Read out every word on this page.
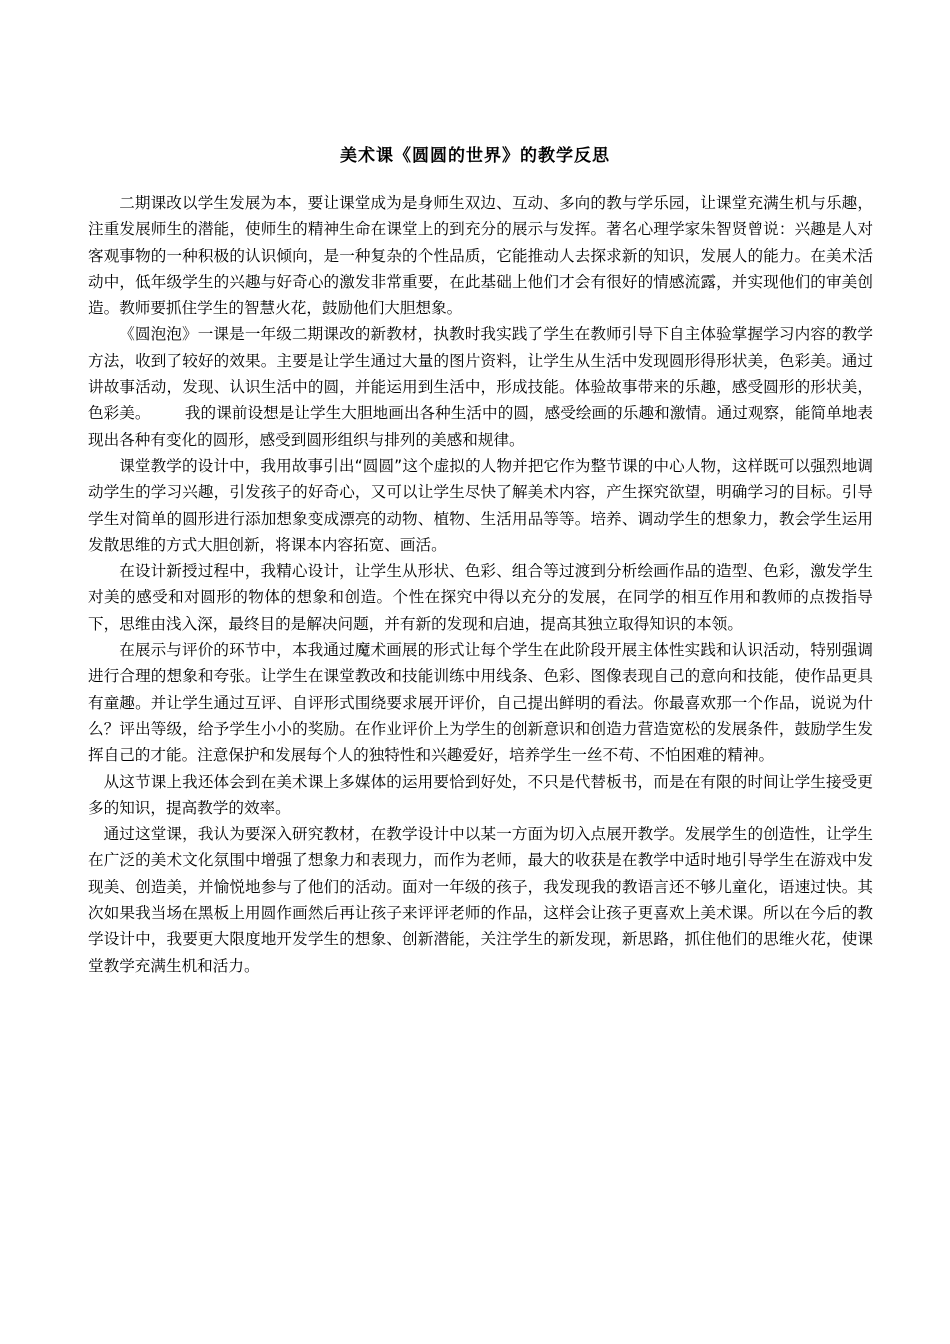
美术课《圆圆的世界》的教学反思

二期课改以学生发展为本，要让课堂成为是身师生双边、互动、多向的教与学乐园，让课堂充满生机与乐趣，注重发展师生的潜能，使师生的精神生命在课堂上的到充分的展示与发挥。著名心理学家朱智贤曾说：兴趣是人对客观事物的一种积极的认识倾向，是一种复杂的个性品质，它能推动人去探求新的知识，发展人的能力。在美术活动中，低年级学生的兴趣与好奇心的激发非常重要，在此基础上他们才会有很好的情感流露，并实现他们的审美创造。教师要抓住学生的智慧火花，鼓励他们大胆想象。

《圆泡泡》一课是一年级二期课改的新教材，执教时我实践了学生在教师引导下自主体验掌握学习内容的教学方法，收到了较好的效果。主要是让学生通过大量的图片资料，让学生从生活中发现圆形得形状美，色彩美。通过讲故事活动，发现、认识生活中的圆，并能运用到生活中，形成技能。体验故事带来的乐趣，感受圆形的形状美，色彩美。 我的课前设想是让学生大胆地画出各种生活中的圆，感受绘画的乐趣和激情。通过观察，能简单地表现出各种有变化的圆形，感受到圆形组织与排列的美感和规律。

课堂教学的设计中，我用故事引出“圆圆”这个虚拟的人物并把它作为整节课的中心人物，这样既可以强烈地调动学生的学习兴趣，引发孩子的好奇心，又可以让学生尽快了解美术内容，产生探究欲望，明确学习的目标。引导学生对简单的圆形进行添加想象变成漂亮的动物、植物、生活用品等等。培养、调动学生的想象力，教会学生运用发散思维的方式大胆创新，将课本内容拓宽、画活。

在设计新授过程中，我精心设计，让学生从形状、色彩、组合等过渡到分析绘画作品的造型、色彩，激发学生对美的感受和对圆形的物体的想象和创造。个性在探究中得以充分的发展，在同学的相互作用和教师的点拨指导下，思维由浅入深，最终目的是解决问题，并有新的发现和启迪，提高其独立取得知识的本领。

在展示与评价的环节中，本我通过魔术画展的形式让每个学生在此阶段开展主体性实践和认识活动，特别强调进行合理的想象和夸张。让学生在课堂教改和技能训练中用线条、色彩、图像表现自己的意向和技能，使作品更具有童趣。并让学生通过互评、自评形式围绕要求展开评价，自己提出鲜明的看法。你最喜欢那一个作品，说说为什么？评出等级，给予学生小小的奖励。在作业评价上为学生的创新意识和创造力营造宽松的发展条件，鼓励学生发挥自己的才能。注意保护和发展每个人的独特性和兴趣爱好，培养学生一丝不苟、不怕困难的精神。

从这节课上我还体会到在美术课上多媒体的运用要恰到好处，不只是代替板书，而是在有限的时间让学生接受更多的知识，提高教学的效率。

通过这堂课，我认为要深入研究教材，在教学设计中以某一方面为切入点展开教学。发展学生的创造性，让学生在广泛的美术文化氛围中增强了想象力和表现力，而作为老师，最大的收获是在教学中适时地引导学生在游戏中发现美、创造美，并愉悦地参与了他们的活动。面对一年级的孩子，我发现我的教语言还不够儿童化，语速过快。其次如果我当场在黑板上用圆作画然后再让孩子来评评老师的作品，这样会让孩子更喜欢上美术课。所以在今后的教学设计中，我要更大限度地开发学生的想象、创新潜能，关注学生的新发现，新思路，抓住他们的思维火花，使课堂教学充满生机和活力。
